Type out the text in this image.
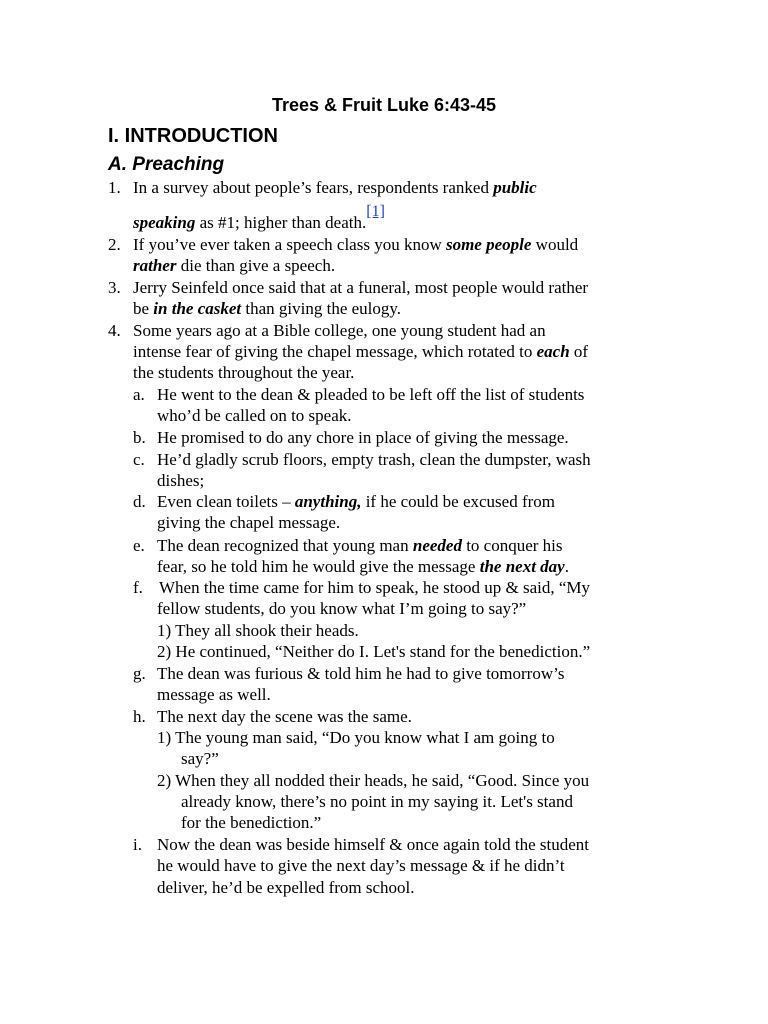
Trees & Fruit Luke 6:43-45
I. INTRODUCTION
A. Preaching
1. In a survey about people’s fears, respondents ranked public
speaking as #1; higher than death.[1]
2. If you’ve ever taken a speech class you know some people would
rather die than give a speech.
3. Jerry Seinfeld once said that at a funeral, most people would rather
be in the casket than giving the eulogy.
4. Some years ago at a Bible college, one young student had an
intense fear of giving the chapel message, which rotated to each of
the students throughout the year.
a. He went to the dean & pleaded to be left off the list of students
who’d be called on to speak.
b. He promised to do any chore in place of giving the message.
c. He’d gladly scrub floors, empty trash, clean the dumpster, wash
dishes;
d. Even clean toilets – anything, if he could be excused from
giving the chapel message.
e. The dean recognized that young man needed to conquer his
fear, so he told him he would give the message the next day.
f. When the time came for him to speak, he stood up & said, “My
fellow students, do you know what I’m going to say?”
1) They all shook their heads.
2) He continued, “Neither do I. Let's stand for the benediction.”
g. The dean was furious & told him he had to give tomorrow’s
message as well.
h. The next day the scene was the same.
1) The young man said, “Do you know what I am going to
say?”
2) When they all nodded their heads, he said, “Good. Since you
already know, there’s no point in my saying it. Let's stand
for the benediction.”
i. Now the dean was beside himself & once again told the student
he would have to give the next day’s message & if he didn’t
deliver, he’d be expelled from school.
